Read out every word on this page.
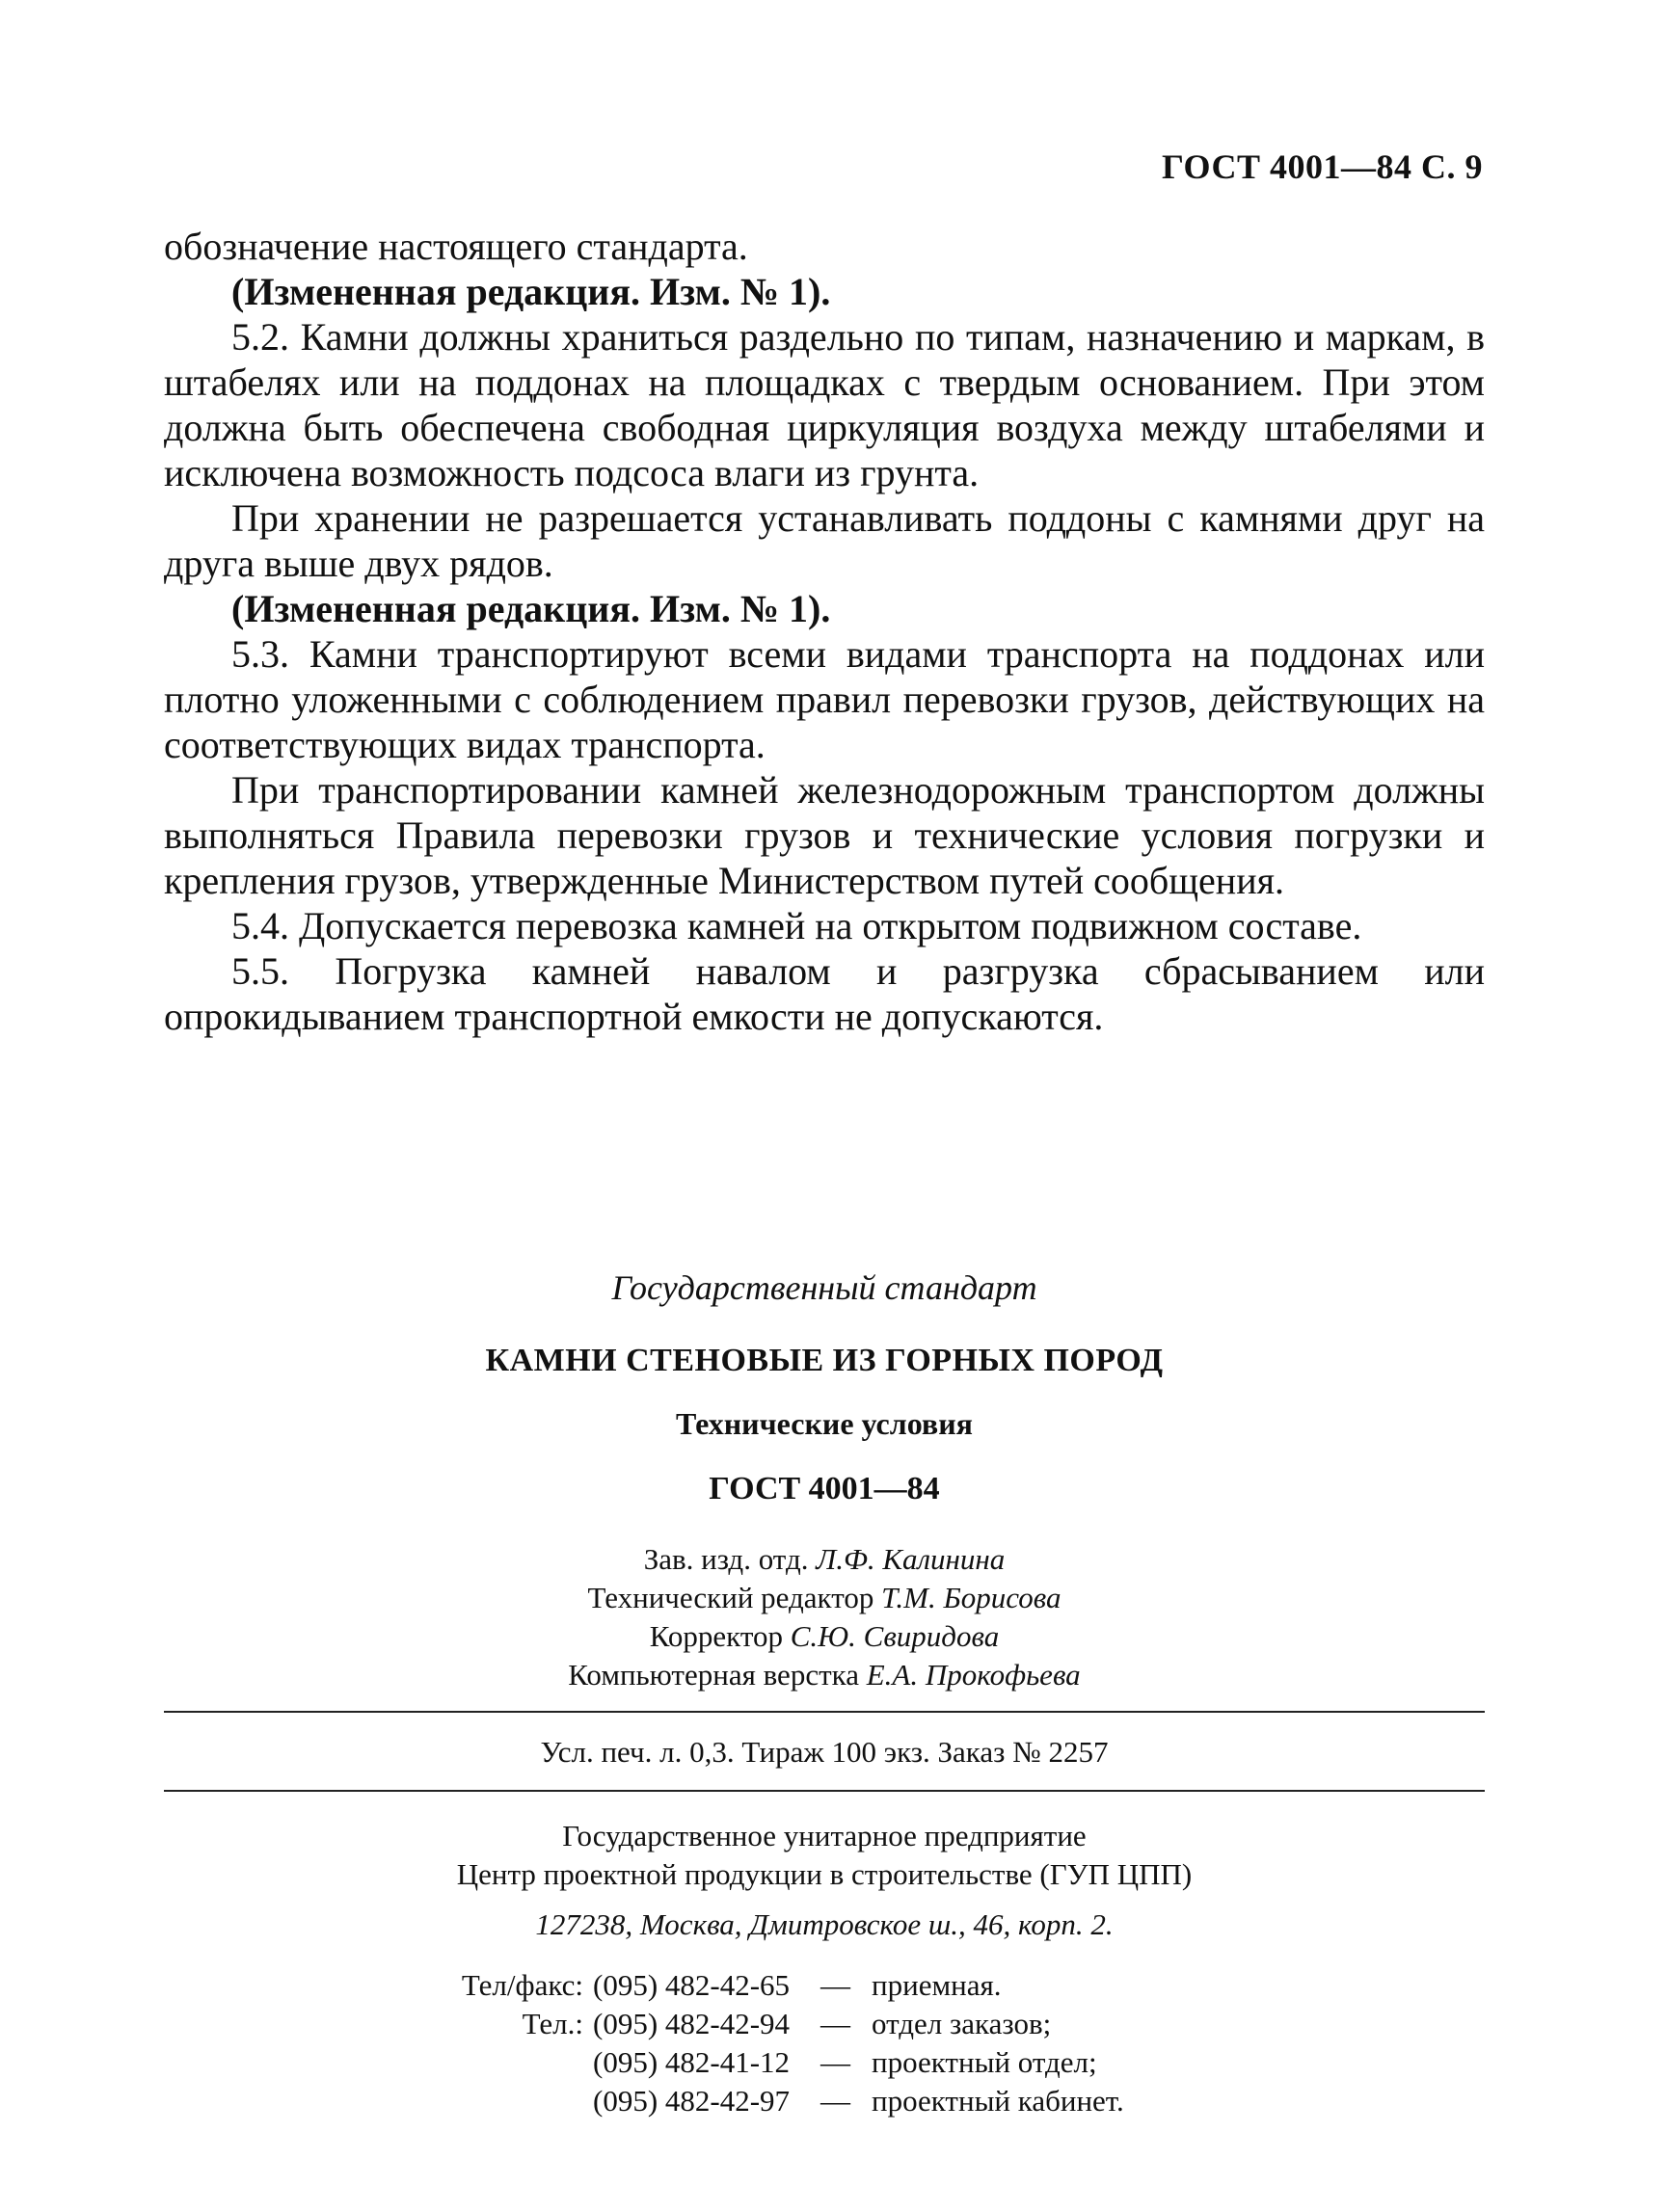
ГОСТ 4001—84 С. 9

обозначение настоящего стандарта.

(Измененная редакция. Изм. № 1).

5.2. Камни должны храниться раздельно по типам, назначению и маркам, в штабелях или на поддонах на площадках с твердым основанием. При этом должна быть обеспечена свободная циркуляция воздуха между штабелями и исключена возможность подсоса влаги из грунта.

При хранении не разрешается устанавливать поддоны с камнями друг на друга выше двух рядов.

(Измененная редакция. Изм. № 1).

5.3. Камни транспортируют всеми видами транспорта на поддонах или плотно уложенными с соблюдением правил перевозки грузов, действующих на соответствующих видах транспорта.

При транспортировании камней железнодорожным транспортом должны выполняться Правила перевозки грузов и технические условия погрузки и крепления грузов, утвержденные Министерством путей сообщения.

5.4. Допускается перевозка камней на открытом подвижном составе.

5.5. Погрузка камней навалом и разгрузка сбрасыванием или опрокидыванием транспортной емкости не допускаются.

Государственный стандарт
КАМНИ СТЕНОВЫЕ ИЗ ГОРНЫХ ПОРОД
Технические условия
ГОСТ 4001—84
Зав. изд. отд. Л.Ф. Калинина
Технический редактор Т.М. Борисова
Корректор С.Ю. Свиридова
Компьютерная верстка Е.А. Прокофьева
Усл. печ. л. 0,3. Тираж 100 экз. Заказ № 2257
Государственное унитарное предприятие
Центр проектной продукции в строительстве (ГУП ЦПП)
127238, Москва, Дмитровское ш., 46, корп. 2.
Тел/факс:	(095) 482-42-65	—	приемная.
Тел.:	(095) 482-42-94	—	отдел заказов;
	(095) 482-41-12	—	проектный отдел;
	(095) 482-42-97	—	проектный кабинет.
